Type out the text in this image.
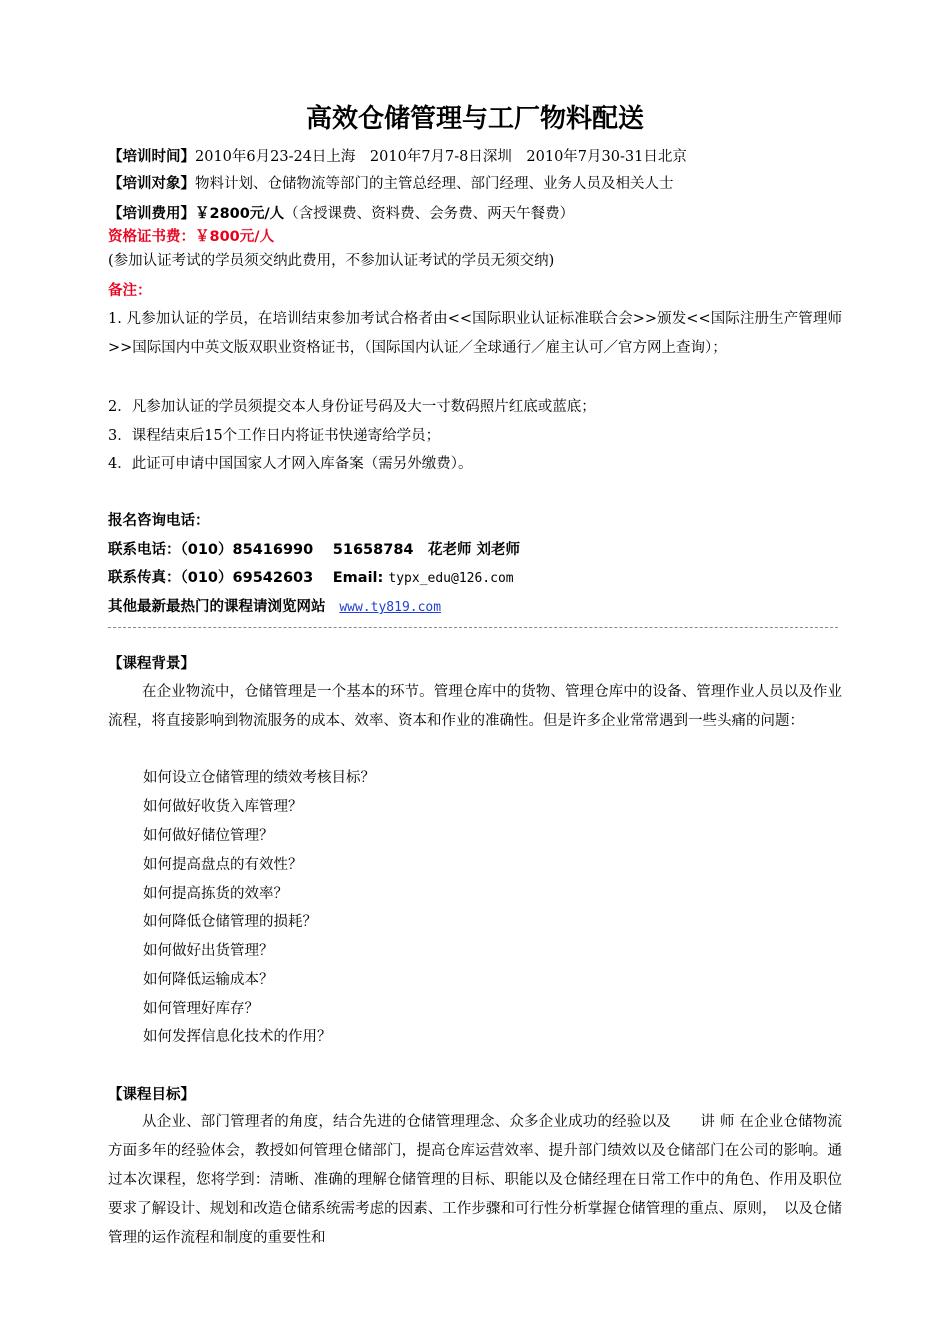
高效仓储管理与工厂物料配送
【培训时间】2010年6月23-24日上海　2010年7月7-8日深圳　2010年7月30-31日北京
【培训对象】物料计划、仓储物流等部门的主管总经理、部门经理、业务人员及相关人士
【培训费用】￥2800元/人（含授课费、资料费、会务费、两天午餐费）
资格证书费：￥800元/人
(参加认证考试的学员须交纳此费用，不参加认证考试的学员无须交纳)
备注：
1. 凡参加认证的学员，在培训结束参加考试合格者由<<国际职业认证标准联合会>>颁发<<国际注册生产管理师>>国际国内中英文版双职业资格证书，（国际国内认证／全球通行／雇主认可／官方网上查询）；
2．凡参加认证的学员须提交本人身份证号码及大一寸数码照片红底或蓝底；
3．课程结束后15个工作日内将证书快递寄给学员；
4．此证可申请中国国家人才网入库备案（需另外缴费）。
报名咨询电话：
联系电话：（010）85416990　 51658784　花老师 刘老师
联系传真：（010）69542603　 Email: typx_edu@126.com
其他最新最热门的课程请浏览网站 www.ty819.com
【课程背景】
在企业物流中，仓储管理是一个基本的环节。管理仓库中的货物、管理仓库中的设备、管理作业人员以及作业流程，将直接影响到物流服务的成本、效率、资本和作业的准确性。但是许多企业常常遇到一些头痛的问题：
如何设立仓储管理的绩效考核目标？
如何做好收货入库管理？
如何做好储位管理？
如何提高盘点的有效性？
如何提高拣货的效率？
如何降低仓储管理的损耗？
如何做好出货管理？
如何降低运输成本？
如何管理好库存？
如何发挥信息化技术的作用？
【课程目标】
从企业、部门管理者的角度，结合先进的仓储管理理念、众多企业成功的经验以及　　讲 师 在企业仓储物流方面多年的经验体会，教授如何管理仓储部门，提高仓库运营效率、提升部门绩效以及仓储部门在公司的影响。通过本次课程，您将学到：清晰、准确的理解仓储管理的目标、职能以及仓储经理在日常工作中的角色、作用及职位要求了解设计、规划和改造仓储系统需考虑的因素、工作步骤和可行性分析掌握仓储管理的重点、原则，　以及仓储管理的运作流程和制度的重要性和
